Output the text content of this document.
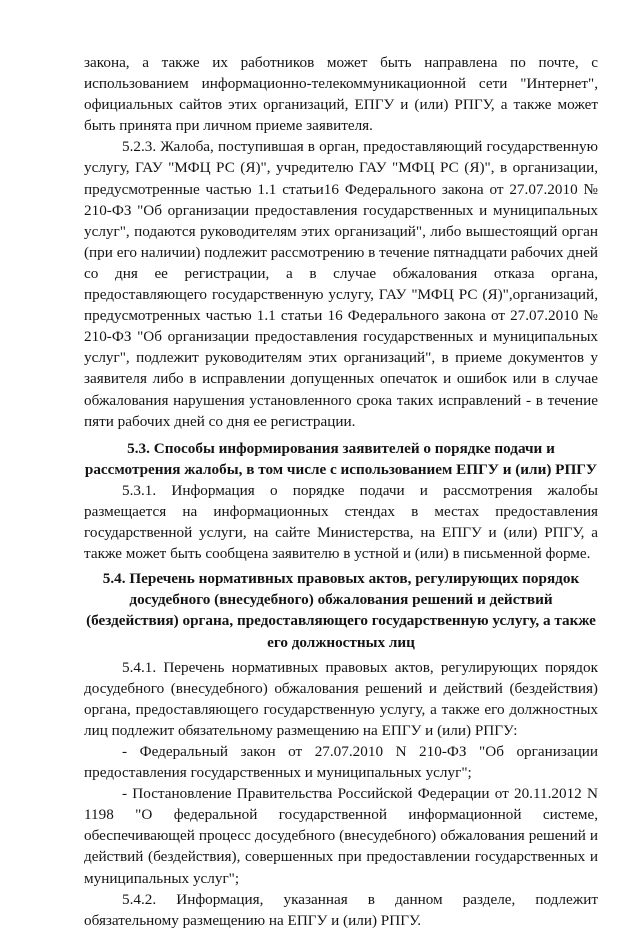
закона, а также их работников может быть направлена по почте, с использованием информационно-телекоммуникационной сети "Интернет", официальных сайтов этих организаций, ЕПГУ и (или) РПГУ, а также может быть принята при личном приеме заявителя.

5.2.3. Жалоба, поступившая в орган, предоставляющий государственную услугу, ГАУ "МФЦ РС (Я)", учредителю ГАУ "МФЦ РС (Я)", в организации, предусмотренные частью 1.1 статьи16 Федерального закона от 27.07.2010 № 210-ФЗ "Об организации предоставления государственных и муниципальных услуг", подаются руководителям этих организаций", либо вышестоящий орган (при его наличии) подлежит рассмотрению в течение пятнадцати рабочих дней со дня ее регистрации, а в случае обжалования отказа органа, предоставляющего государственную услугу, ГАУ "МФЦ РС (Я)",организаций, предусмотренных частью 1.1 статьи 16 Федерального закона от 27.07.2010 № 210-ФЗ "Об организации предоставления государственных и муниципальных услуг", подлежит руководителям этих организаций", в приеме документов у заявителя либо в исправлении допущенных опечаток и ошибок или в случае обжалования нарушения установленного срока таких исправлений - в течение пяти рабочих дней со дня ее регистрации.

5.3. Способы информирования заявителей о порядке подачи и рассмотрения жалобы, в том числе с использованием ЕПГУ и (или) РПГУ

5.3.1. Информация о порядке подачи и рассмотрения жалобы размещается на информационных стендах в местах предоставления государственной услуги, на сайте Министерства, на ЕПГУ и (или) РПГУ, а также может быть сообщена заявителю в устной и (или) в письменной форме.

5.4. Перечень нормативных правовых актов, регулирующих порядок досудебного (внесудебного) обжалования решений и действий (бездействия) органа, предоставляющего государственную услугу, а также его должностных лиц

5.4.1. Перечень нормативных правовых актов, регулирующих порядок досудебного (внесудебного) обжалования решений и действий (бездействия) органа, предоставляющего государственную услугу, а также его должностных лиц подлежит обязательному размещению на ЕПГУ и (или) РПГУ:

- Федеральный закон от 27.07.2010 N 210-ФЗ "Об организации предоставления государственных и муниципальных услуг";

- Постановление Правительства Российской Федерации от 20.11.2012 N 1198 "О федеральной государственной информационной системе, обеспечивающей процесс досудебного (внесудебного) обжалования решений и действий (бездействия), совершенных при предоставлении государственных и муниципальных услуг";

5.4.2. Информация, указанная в данном разделе, подлежит обязательному размещению на ЕПГУ и (или) РПГУ.
